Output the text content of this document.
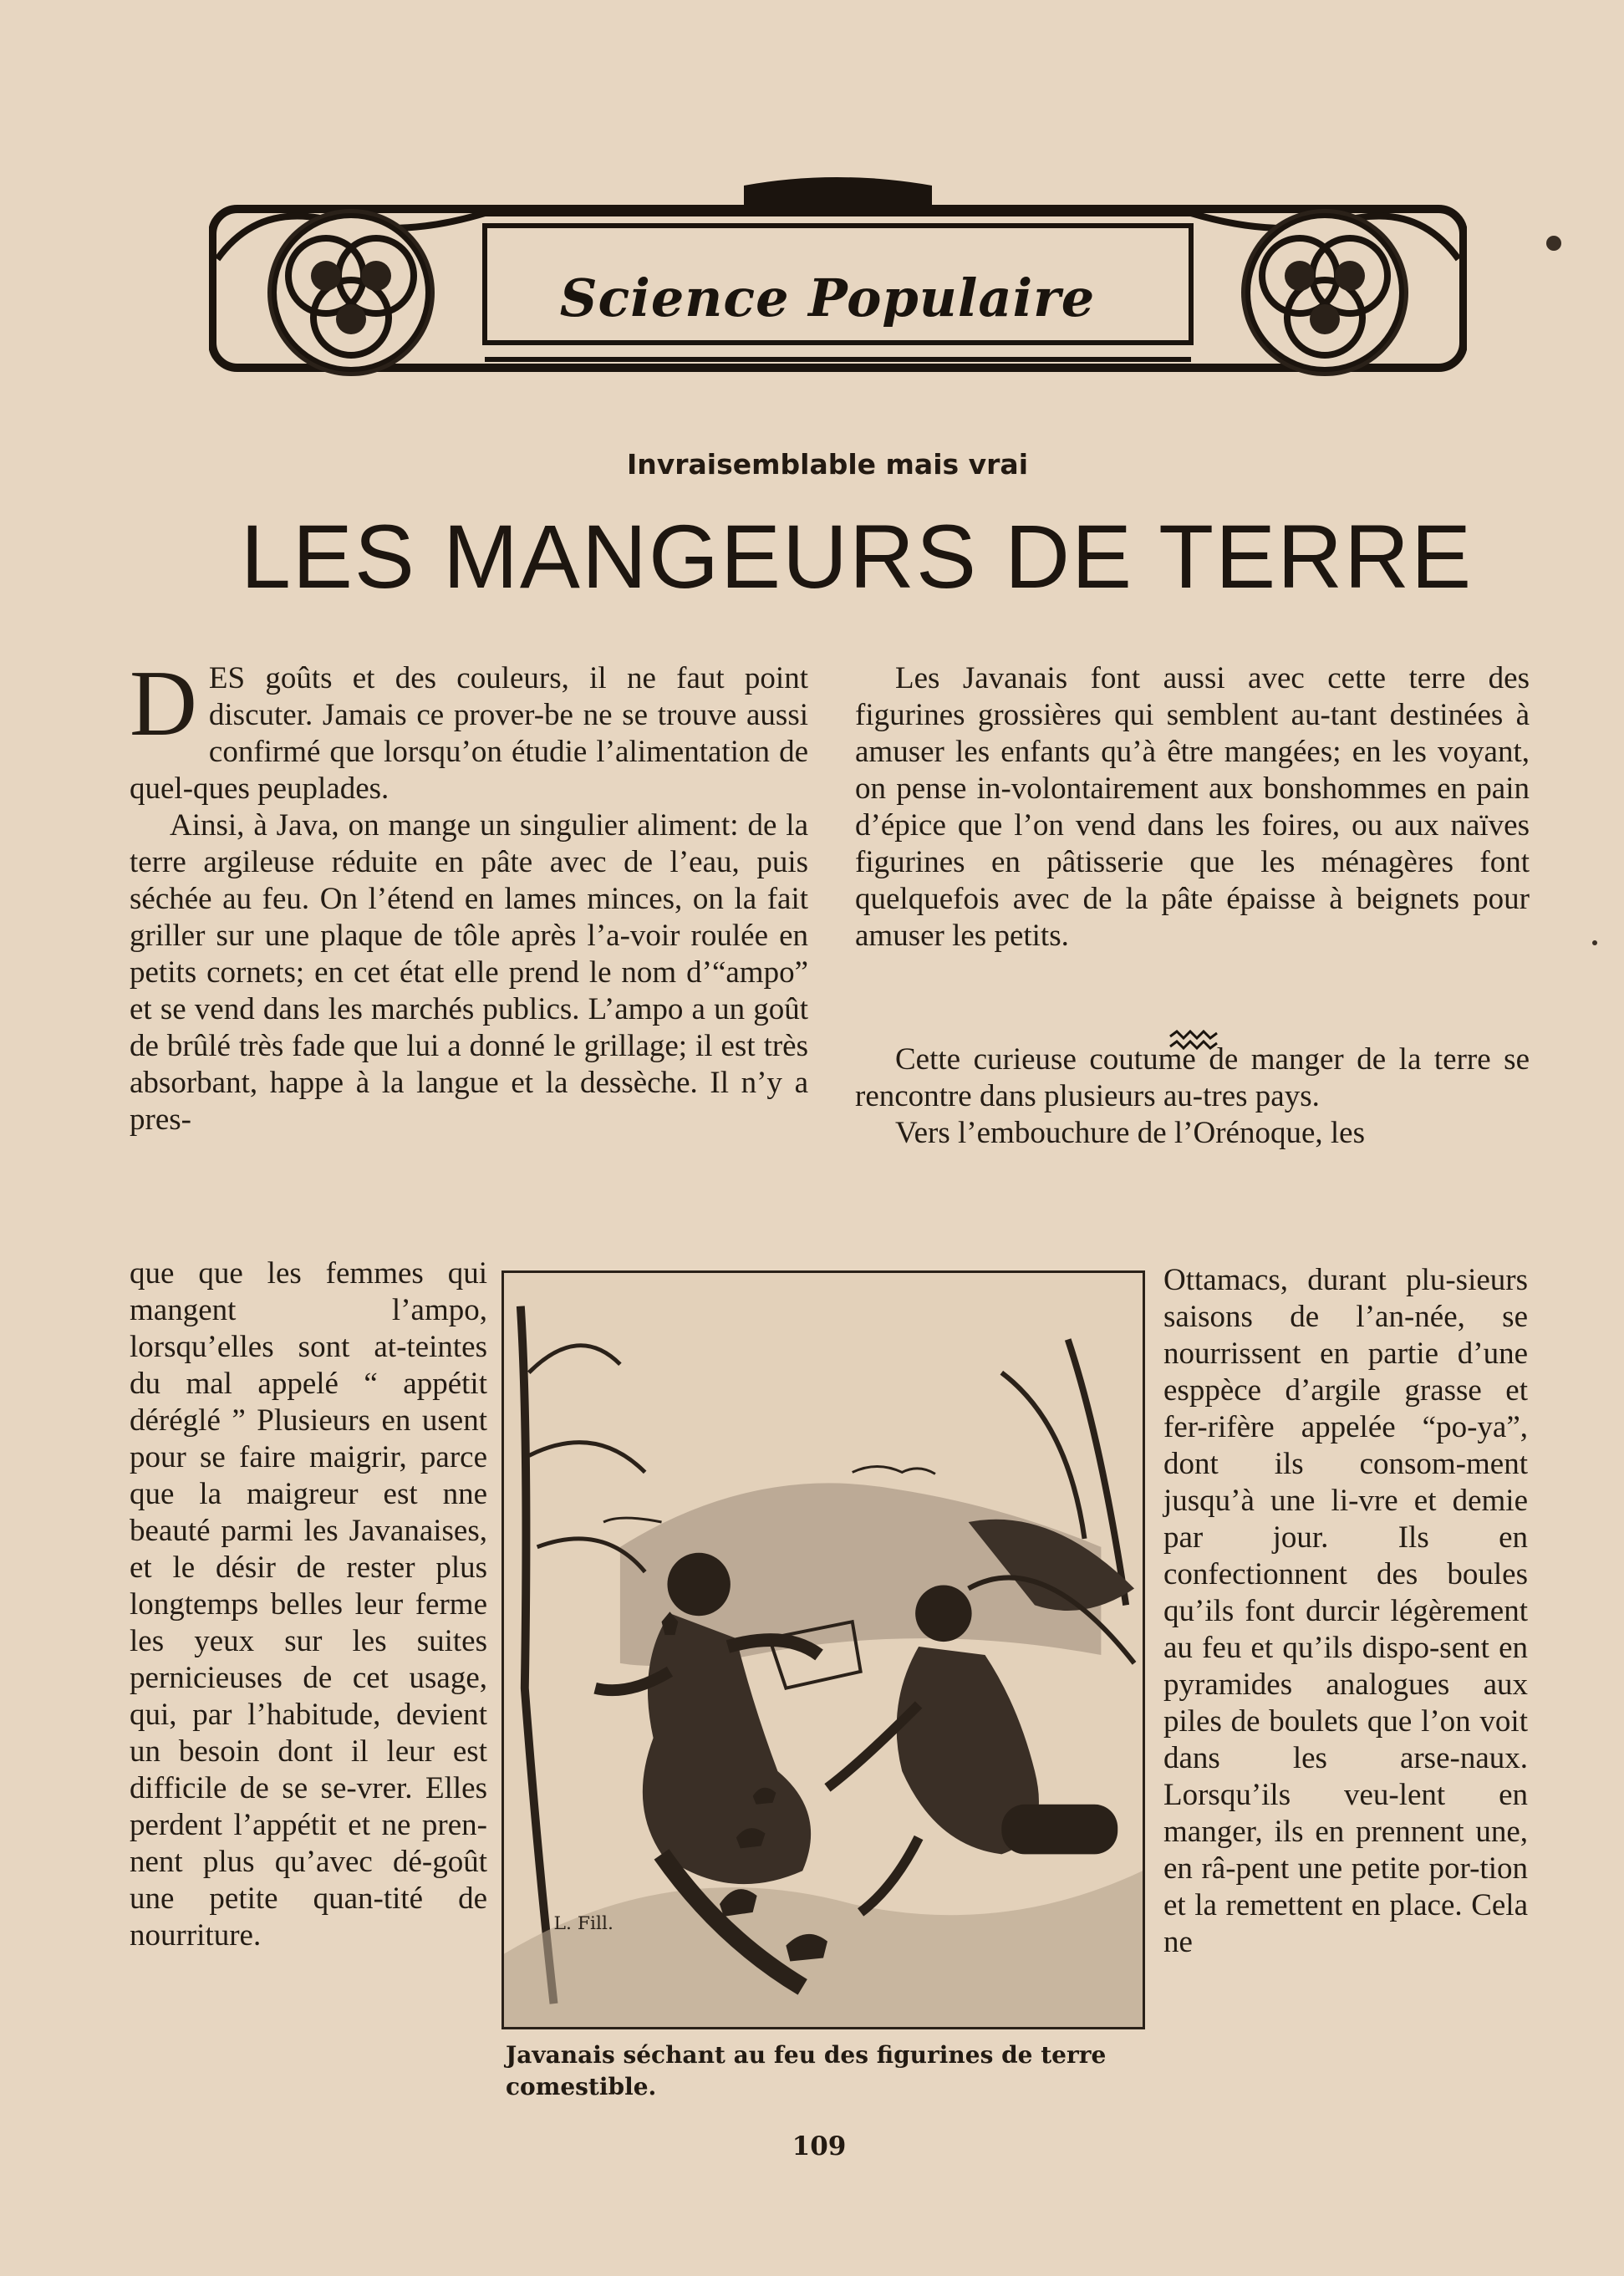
Science Populaire
Invraisemblable mais vrai
LES MANGEURS DE TERRE

DES goûts et des couleurs, il ne faut point discuter. Jamais ce prover-be ne se trouve aussi confirmé que lorsqu’on étudie l’alimentation de quel-ques peuplades.

Ainsi, à Java, on mange un singulier aliment: de la terre argileuse réduite en pâte avec de l’eau, puis séchée au feu. On l’étend en lames minces, on la fait griller sur une plaque de tôle après l’a-voir roulée en petits cornets; en cet état elle prend le nom d’“ampo” et se vend dans les marchés publics. L’ampo a un goût de brûlé très fade que lui a donné le grillage; il est très absorbant, happe à la langue et la dessèche. Il n’y a pres-

que que les femmes qui mangent l’ampo, lorsqu’elles sont at-teintes du mal appelé “ appétit déréglé ” Plusieurs en usent pour se faire maigrir, parce que la maigreur est nne beauté parmi les Javanaises, et le désir de rester plus longtemps belles leur ferme les yeux sur les suites pernicieuses de cet usage, qui, par l’habitude, devient un besoin dont il leur est difficile de se se-vrer. Elles perdent l’appétit et ne pren-nent plus qu’avec dé-goût une petite quan-tité de nourriture.

Les Javanais font aussi avec cette terre des figurines grossières qui semblent au-tant destinées à amuser les enfants qu’à être mangées; en les voyant, on pense in-volontairement aux bonshommes en pain d’épice que l’on vend dans les foires, ou aux naïves figurines en pâtisserie que les ménagères font quelquefois avec de la pâte épaisse à beignets pour amuser les petits.

Cette curieuse coutume de manger de la terre se rencontre dans plusieurs au-tres pays.

Vers l’embouchure de l’Orénoque, les

Ottamacs, durant plu-sieurs saisons de l’an-née, se nourrissent en partie d’une esppèce d’argile grasse et fer-rifère appelée “po-ya”, dont ils consom-ment jusqu’à une li-vre et demie par jour. Ils en confectionnent des boules qu’ils font durcir légèrement au feu et qu’ils dispo-sent en pyramides analogues aux piles de boulets que l’on voit dans les arse-naux. Lorsqu’ils veu-lent en manger, ils en prennent une, en râ-pent une petite por-tion et la remettent en place. Cela ne

L. Fill.
Javanais séchant au feu des figurines de terre comestible.
109
